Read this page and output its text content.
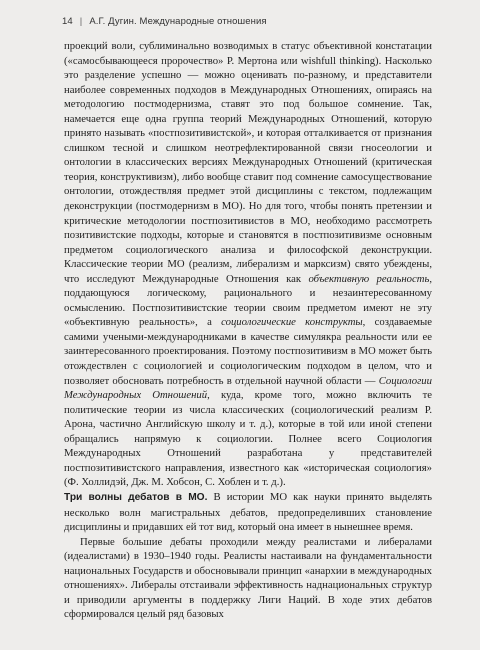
14 | А.Г. Дугин. Международные отношения

проекций воли, сублиминально возводимых в статус объективной констатации («самосбывающееся пророчество» Р. Мертона или wishfull thinking). Насколько это разделение успешно — можно оценивать по-разному, и представители наиболее современных подходов в Международных Отношениях, опираясь на методологию постмодернизма, ставят это под большое сомнение. Так, намечается еще одна группа теорий Международных Отношений, которую принято называть «постпозитивистской», и которая отталкивается от признания слишком тесной и слишком неотрефлектированной связи гносеологии и онтологии в классических версиях Международных Отношений (критическая теория, конструктивизм), либо вообще ставит под сомнение самосуществование онтологии, отождествляя предмет этой дисциплины с текстом, подлежащим деконструкции (постмодернизм в МО). Но для того, чтобы понять претензии и критические методологии постпозитивистов в МО, необходимо рассмотреть позитивистские подходы, которые и становятся в постпозитивизме основным предметом социологического анализа и философской деконструкции. Классические теории МО (реализм, либерализм и марксизм) свято убеждены, что исследуют Международные Отношения как объективную реальность, поддающуюся логическому, рационального и незаинтересованному осмыслению. Постпозитивистские теории своим предметом имеют не эту «объективную реальность», а социологические конструкты, создаваемые самими учеными-международниками в качестве симулякра реальности или ее заинтересованного проектирования. Поэтому постпозитивизм в МО может быть отождествлен с социологией и социологическим подходом в целом, что и позволяет обосновать потребность в отдельной научной области — Социологии Международных Отношений, куда, кроме того, можно включить те политические теории из числа классических (социологический реализм Р. Арона, частично Английскую школу и т. д.), которые в той или иной степени обращались напрямую к социологии. Полнее всего Социология Международных Отношений разработана у представителей постпозитивистского направления, известного как «историческая социология» (Ф. Холлидэй, Дж. М. Хобсон, С. Хоблен и т. д.).

Три волны дебатов в МО. В истории МО как науки принято выделять несколько волн магистральных дебатов, предопределивших становление дисциплины и придавших ей тот вид, который она имеет в нынешнее время.

Первые большие дебаты проходили между реалистами и либералами (идеалистами) в 1930–1940 годы. Реалисты настаивали на фундаментальности национальных Государств и обосновывали принцип «анархии в международных отношениях». Либералы отстаивали эффективность наднациональных структур и приводили аргументы в поддержку Лиги Наций. В ходе этих дебатов сформировался целый ряд базовых
